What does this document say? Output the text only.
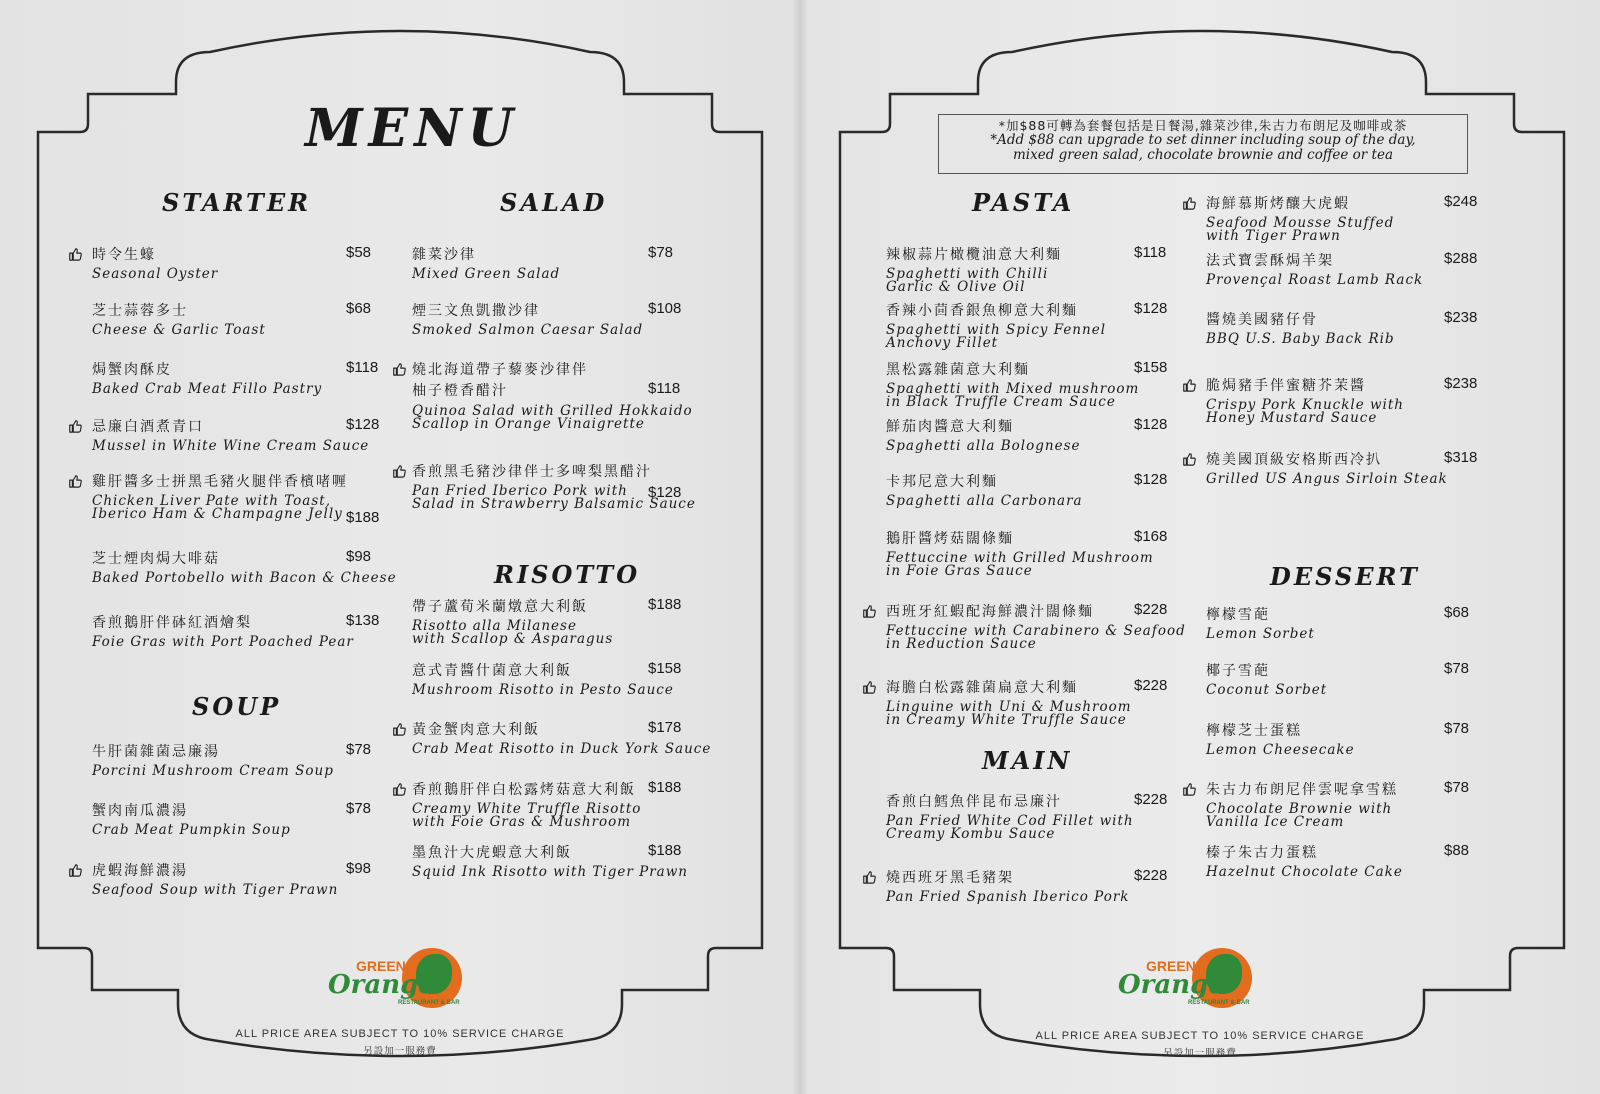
MENU
STARTER	SALAD
RISOTTO
SOUP
時令生蠔
Seasonal Oyster
$58
芝士蒜蓉多士
Cheese & Garlic Toast
$68
焗蟹肉酥皮
Baked Crab Meat Fillo Pastry
$118
忌廉白酒煮青口
Mussel in White Wine Cream Sauce
$128
雞肝醬多士拼黑毛豬火腿伴香檳啫喱
Chicken Liver Pate with Toast,
Iberico Ham & Champagne Jelly $188
芝士煙肉焗大啡菇
Baked Portobello with Bacon & Cheese
$98
香煎鵝肝伴砵紅酒燴梨
Foie Gras with Port Poached Pear
$138
牛肝菌雜菌忌廉湯
Porcini Mushroom Cream Soup
$78
蟹肉南瓜濃湯
Crab Meat Pumpkin Soup
$78
虎蝦海鮮濃湯
Seafood Soup with Tiger Prawn
$98
雜菜沙律
Mixed Green Salad
$78
煙三文魚凱撒沙律
Smoked Salmon Caesar Salad
$108
燒北海道帶子藜麥沙律伴
柚子橙香醋汁
Quinoa Salad with Grilled Hokkaido
Scallop in Orange Vinaigrette
$118
香煎黑毛豬沙律伴士多啤梨黑醋汁
Pan Fried Iberico Pork with
Salad in Strawberry Balsamic Sauce
$128
帶子蘆荀米蘭燉意大利飯
Risotto alla Milanese
with Scallop & Asparagus
$188
意式青醬什菌意大利飯
Mushroom Risotto in Pesto Sauce
$158
黃金蟹肉意大利飯
Crab Meat Risotto in Duck York Sauce
$178
香煎鵝肝伴白松露烤菇意大利飯
Creamy White Truffle Risotto
with Foie Gras & Mushroom
$188
墨魚汁大虎蝦意大利飯
Squid Ink Risotto with Tiger Prawn
$188
GREEN
Orange
RESTAURANT & BAR
ALL PRICE AREA SUBJECT TO 10% SERVICE CHARGE
另設加一服務費
*加$88可轉為套餐包括是日餐湯,雜菜沙律,朱古力布朗尼及咖啡或茶
*Add $88 can upgrade to set dinner including soup of the day,
mixed green salad, chocolate brownie and coffee or tea
PASTA
MAIN
DESSERT
辣椒蒜片橄欖油意大利麵
Spaghetti with Chilli
Garlic & Olive Oil
$118
香辣小茴香銀魚柳意大利麵
Spaghetti with Spicy Fennel
Anchovy Fillet
$128
黑松露雜菌意大利麵
Spaghetti with Mixed mushroom
in Black Truffle Cream Sauce
$158
鮮茄肉醬意大利麵
Spaghetti alla Bolognese
$128
卡邦尼意大利麵
Spaghetti alla Carbonara
$128
鵝肝醬烤菇闊條麵
Fettuccine with Grilled Mushroom
in Foie Gras Sauce
$168
西班牙紅蝦配海鮮濃汁闊條麵
Fettuccine with Carabinero & Seafood
in Reduction Sauce
$228
海膽白松露雜菌扁意大利麵
Linguine with Uni & Mushroom
in Creamy White Truffle Sauce
$228
香煎白鱈魚伴昆布忌廉汁
Pan Fried White Cod Fillet with
Creamy Kombu Sauce
$228
燒西班牙黑毛豬架
Pan Fried Spanish Iberico Pork
$228
海鮮慕斯烤釀大虎蝦
Seafood Mousse Stuffed
with Tiger Prawn
$248
法式寶雲酥焗羊架
Provençal Roast Lamb Rack
$288
醬燒美國豬仔骨
BBQ U.S. Baby Back Rib
$238
脆焗豬手伴蜜糖芥茉醬
Crispy Pork Knuckle with
Honey Mustard Sauce
$238
燒美國頂級安格斯西冷扒
Grilled US Angus Sirloin Steak
$318
檸檬雪葩
Lemon Sorbet
$68
椰子雪葩
Coconut Sorbet
$78
檸檬芝士蛋糕
Lemon Cheesecake
$78
朱古力布朗尼伴雲呢拿雪糕
Chocolate Brownie with
Vanilla Ice Cream
$78
榛子朱古力蛋糕
Hazelnut Chocolate Cake
$88
GREEN
Orange
RESTAURANT & BAR
ALL PRICE AREA SUBJECT TO 10% SERVICE CHARGE
另設加一服務費
